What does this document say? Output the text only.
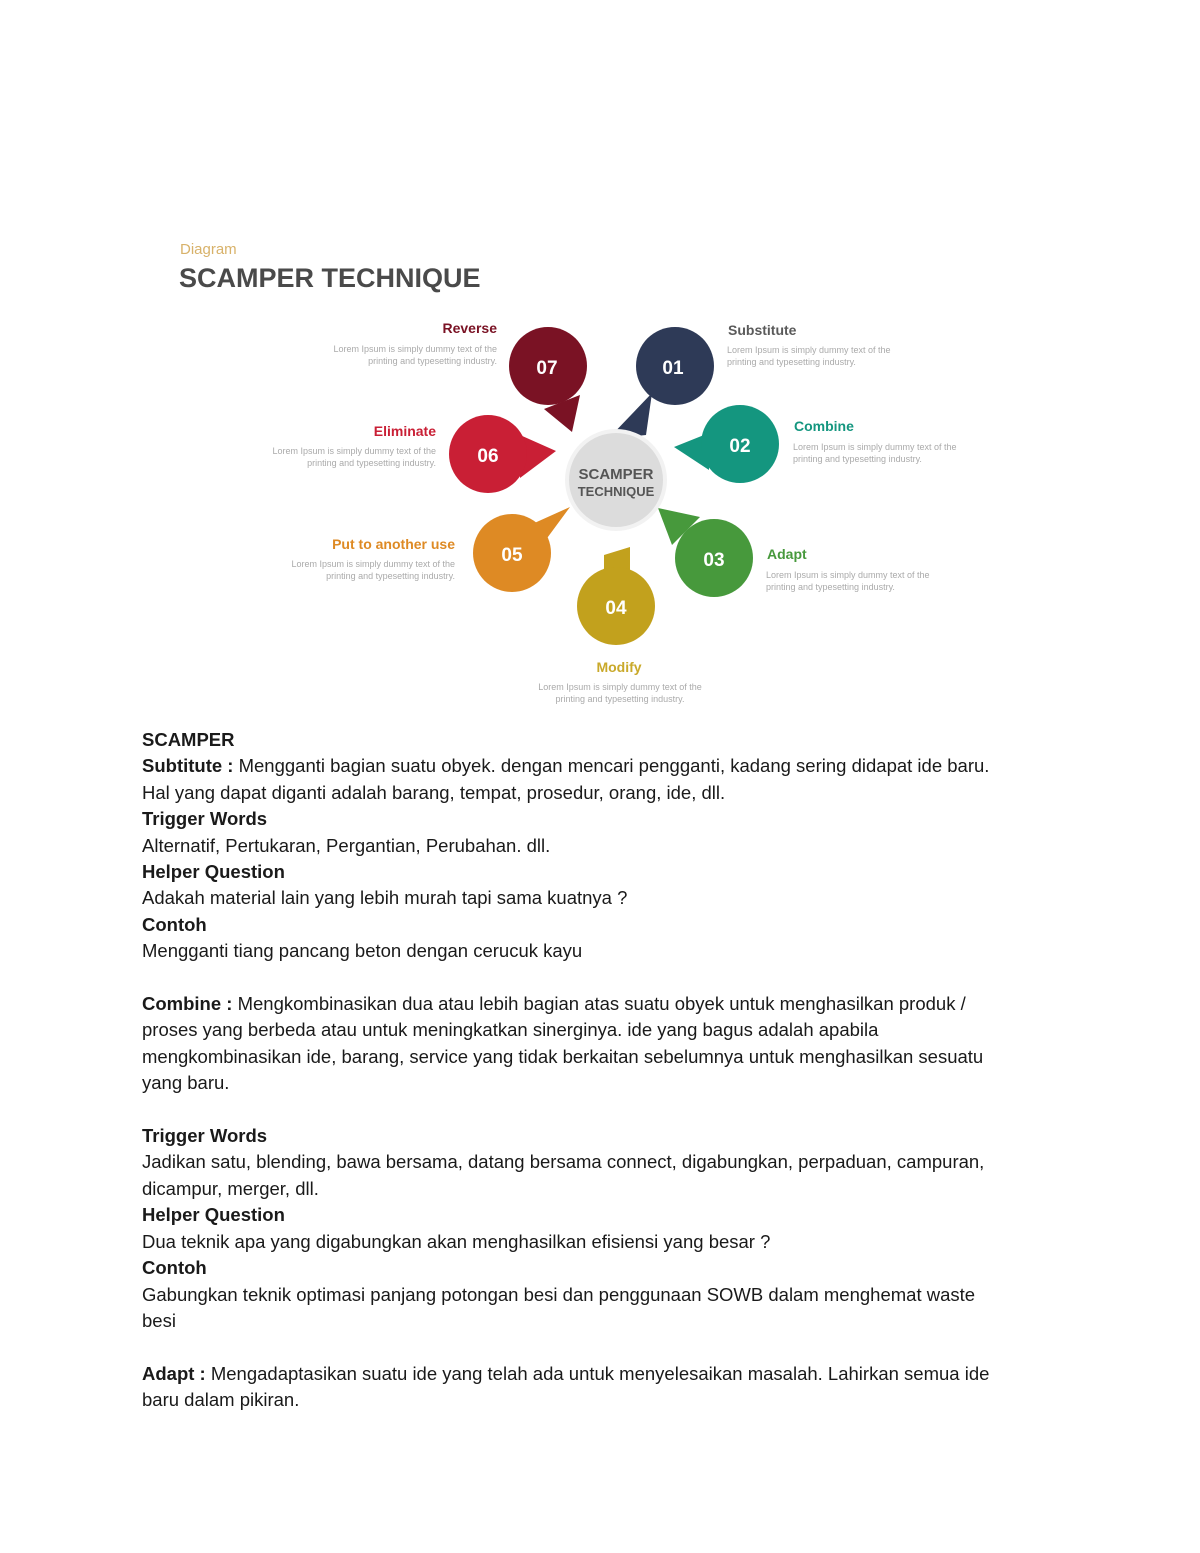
Diagram
SCAMPER TECHNIQUE
SCAMPER
TECHNIQUE
01
02
03
04
05
06
07
Substitute
Lorem Ipsum is simply dummy text of the
printing and typesetting industry.
Combine
Lorem Ipsum is simply dummy text of the
printing and typesetting industry.
Adapt
Lorem Ipsum is simply dummy text of the
printing and typesetting industry.
Modify
Lorem Ipsum is simply dummy text of the
printing and typesetting industry.
Put to another use
Lorem Ipsum is simply dummy text of the
printing and typesetting industry.
Eliminate
Lorem Ipsum is simply dummy text of the
printing and typesetting industry.
Reverse
Lorem Ipsum is simply dummy text of the
printing and typesetting industry.

SCAMPER

Subtitute : Mengganti bagian suatu obyek. dengan mencari pengganti, kadang sering didapat ide baru.

Hal yang dapat diganti adalah barang, tempat, prosedur, orang, ide, dll.

Trigger Words

Alternatif, Pertukaran, Pergantian, Perubahan. dll.

Helper Question

Adakah material lain yang lebih murah tapi sama kuatnya ?

Contoh

Mengganti tiang pancang beton dengan cerucuk kayu

Combine : Mengkombinasikan dua atau lebih bagian atas suatu obyek untuk menghasilkan produk /

proses yang berbeda atau untuk meningkatkan sinerginya. ide yang bagus adalah apabila

mengkombinasikan ide, barang, service yang tidak berkaitan sebelumnya untuk menghasilkan sesuatu

yang baru.

Trigger Words

Jadikan satu, blending, bawa bersama, datang bersama connect, digabungkan, perpaduan, campuran,

dicampur, merger, dll.

Helper Question

Dua teknik apa yang digabungkan akan menghasilkan efisiensi yang besar ?

Contoh

Gabungkan teknik optimasi panjang potongan besi dan penggunaan SOWB dalam menghemat waste

besi

Adapt : Mengadaptasikan suatu ide yang telah ada untuk menyelesaikan masalah. Lahirkan semua ide

baru dalam pikiran.
